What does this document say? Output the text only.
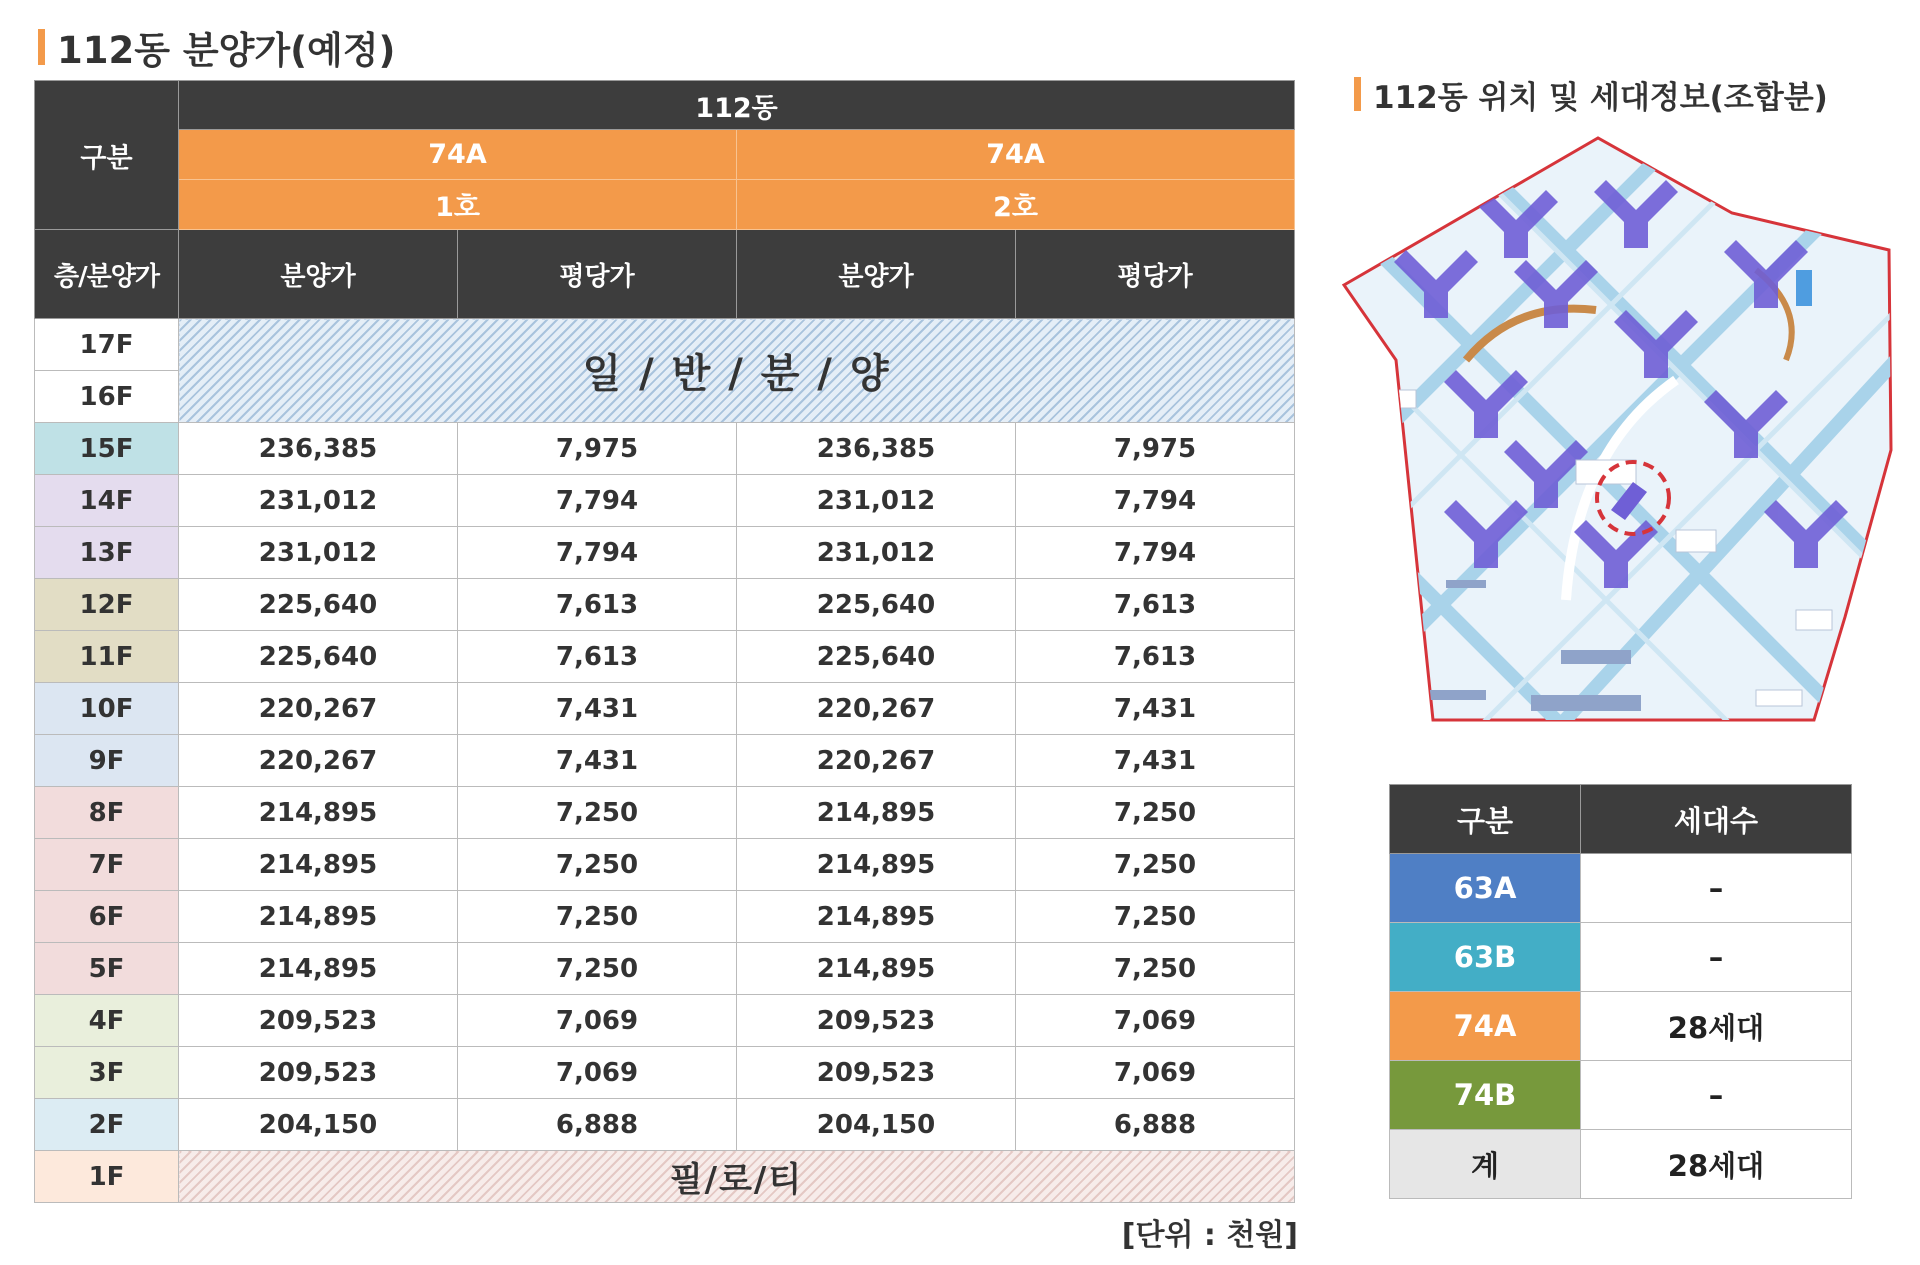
112동 분양가(예정)
구분	112동			
	74A		74A	
	1호		2호	
층/분양가	분양가	평당가	분양가	평당가
17F	일 / 반 / 분 / 양			
16F				
15F	236,385	7,975	236,385	7,975
14F	231,012	7,794	231,012	7,794
13F	231,012	7,794	231,012	7,794
12F	225,640	7,613	225,640	7,613
11F	225,640	7,613	225,640	7,613
10F	220,267	7,431	220,267	7,431
9F	220,267	7,431	220,267	7,431
8F	214,895	7,250	214,895	7,250
7F	214,895	7,250	214,895	7,250
6F	214,895	7,250	214,895	7,250
5F	214,895	7,250	214,895	7,250
4F	209,523	7,069	209,523	7,069
3F	209,523	7,069	209,523	7,069
2F	204,150	6,888	204,150	6,888
1F	필/로/티			
[단위 : 천원]
112동 위치 및 세대정보(조합분)
구분	세대수
63A	–
63B	–
74A	28세대
74B	–
계	28세대
